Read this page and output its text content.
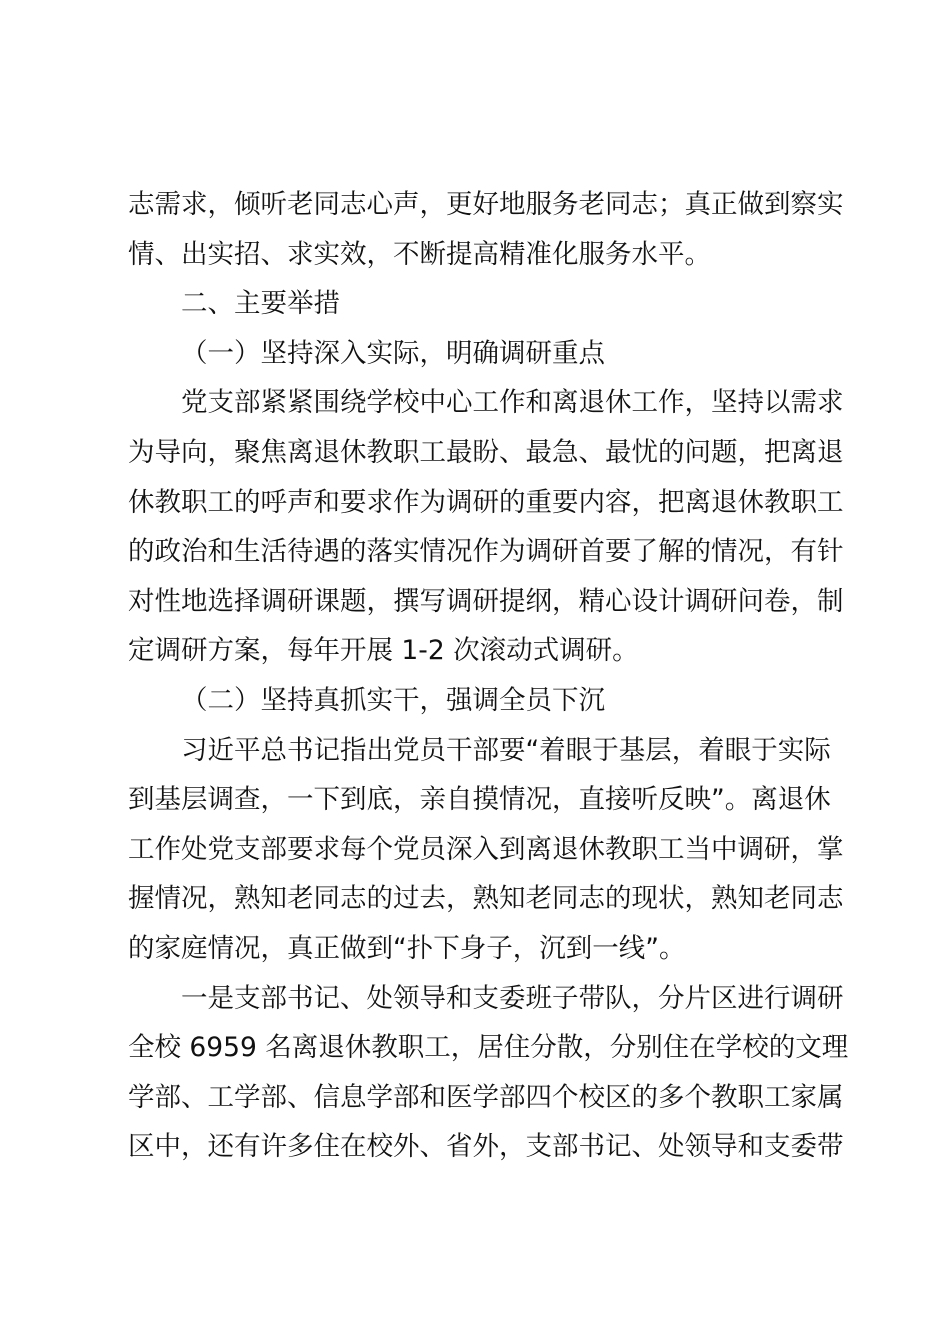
志需求，倾听老同志心声，更好地服务老同志；真正做到察实
情、出实招、求实效，不断提高精准化服务水平。
二、主要举措
（一）坚持深入实际，明确调研重点
党支部紧紧围绕学校中心工作和离退休工作，坚持以需求
为导向，聚焦离退休教职工最盼、最急、最忧的问题，把离退
休教职工的呼声和要求作为调研的重要内容，把离退休教职工
的政治和生活待遇的落实情况作为调研首要了解的情况，有针
对性地选择调研课题，撰写调研提纲，精心设计调研问卷，制
定调研方案，每年开展 1-2 次滚动式调研。
（二）坚持真抓实干，强调全员下沉
习近平总书记指出党员干部要“着眼于基层，着眼于实际
到基层调查，一下到底，亲自摸情况，直接听反映”。离退休
工作处党支部要求每个党员深入到离退休教职工当中调研，掌
握情况，熟知老同志的过去，熟知老同志的现状，熟知老同志
的家庭情况，真正做到“扑下身子，沉到一线”。
一是支部书记、处领导和支委班子带队，分片区进行调研
全校 6959 名离退休教职工，居住分散，分别住在学校的文理
学部、工学部、信息学部和医学部四个校区的多个教职工家属
区中，还有许多住在校外、省外，支部书记、处领导和支委带
